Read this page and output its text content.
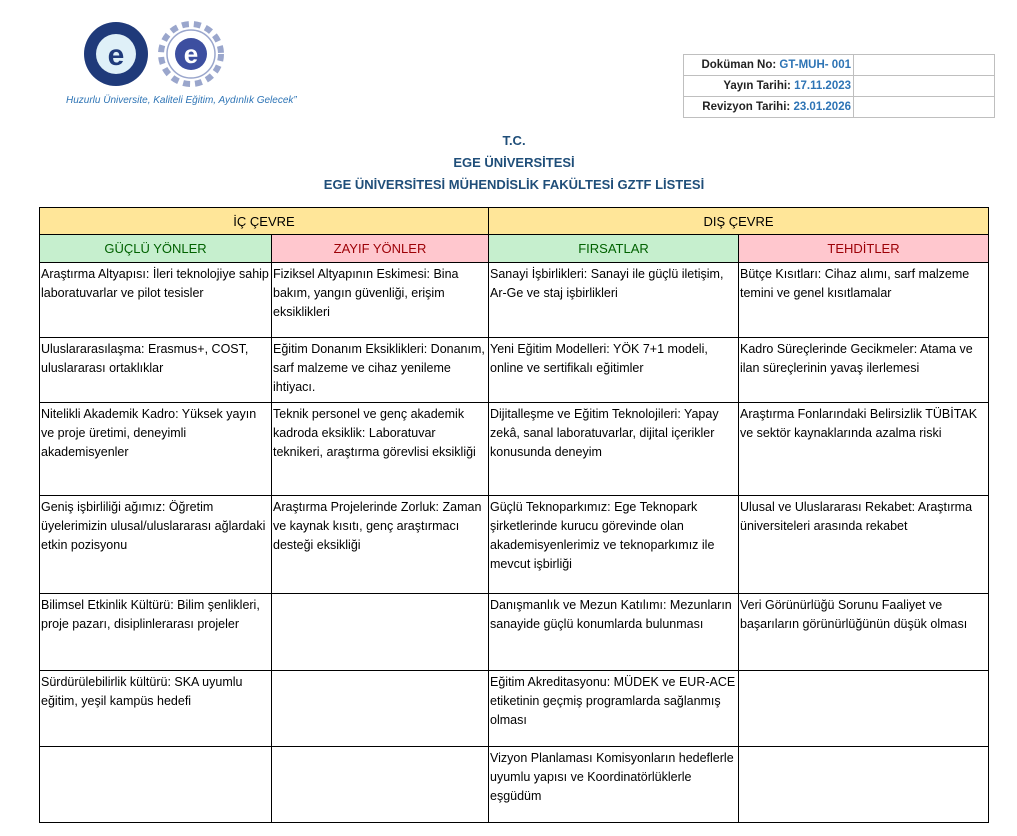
e e
Huzurlu Üniversite, Kaliteli Eğitim, Aydınlık Gelecek”
Doküman No: GT-MUH- 001	
Yayın Tarihi: 17.11.2023	
Revizyon Tarihi: 23.01.2026	
T.C.
EGE ÜNİVERSİTESİ
EGE ÜNİVERSİTESİ MÜHENDİSLİK FAKÜLTESİ GZTF LİSTESİ
İÇ ÇEVRE		DIŞ ÇEVRE	
GÜÇLÜ YÖNLER	ZAYIF YÖNLER	FIRSATLAR	TEHDİTLER
Araştırma Altyapısı: İleri teknolojiye sahip laboratuvarlar ve pilot tesisler	Fiziksel Altyapının Eskimesi: Bina bakım, yangın güvenliği, erişim eksiklikleri	Sanayi İşbirlikleri: Sanayi ile güçlü iletişim, Ar-Ge ve staj işbirlikleri	Bütçe Kısıtları: Cihaz alımı, sarf malzeme temini ve genel kısıtlamalar
Uluslararasılaşma: Erasmus+, COST, uluslararası ortaklıklar	Eğitim Donanım Eksiklikleri: Donanım, sarf malzeme ve cihaz yenileme ihtiyacı.	Yeni Eğitim Modelleri: YÖK 7+1 modeli, online ve sertifikalı eğitimler	Kadro Süreçlerinde Gecikmeler: Atama ve ilan süreçlerinin yavaş ilerlemesi
Nitelikli Akademik Kadro: Yüksek yayın ve proje üretimi, deneyimli akademisyenler	Teknik personel ve genç akademik kadroda eksiklik: Laboratuvar teknikeri, araştırma görevlisi eksikliği	Dijitalleşme ve Eğitim Teknolojileri: Yapay zekâ, sanal laboratuvarlar, dijital içerikler konusunda deneyim	Araştırma Fonlarındaki Belirsizlik TÜBİTAK ve sektör kaynaklarında azalma riski
Geniş işbirliliği ağımız: Öğretim üyelerimizin ulusal/uluslararası ağlardaki etkin pozisyonu	Araştırma Projelerinde Zorluk: Zaman ve kaynak kısıtı, genç araştırmacı desteği eksikliği	Güçlü Teknoparkımız: Ege Teknopark şirketlerinde kurucu görevinde olan akademisyenlerimiz ve teknoparkımız ile mevcut işbirliği	Ulusal ve Uluslararası Rekabet: Araştırma üniversiteleri arasında rekabet
Bilimsel Etkinlik Kültürü: Bilim şenlikleri, proje pazarı, disiplinlerarası projeler		Danışmanlık ve Mezun Katılımı: Mezunların sanayide güçlü konumlarda bulunması	Veri Görünürlüğü Sorunu Faaliyet ve başarıların görünürlüğünün düşük olması
Sürdürülebilirlik kültürü: SKA uyumlu eğitim, yeşil kampüs hedefi		Eğitim Akreditasyonu: MÜDEK ve EUR-ACE etiketinin geçmiş programlarda sağlanmış olması	
		Vizyon Planlaması Komisyonların hedeflerle uyumlu yapısı ve Koordinatörlüklerle eşgüdüm	
